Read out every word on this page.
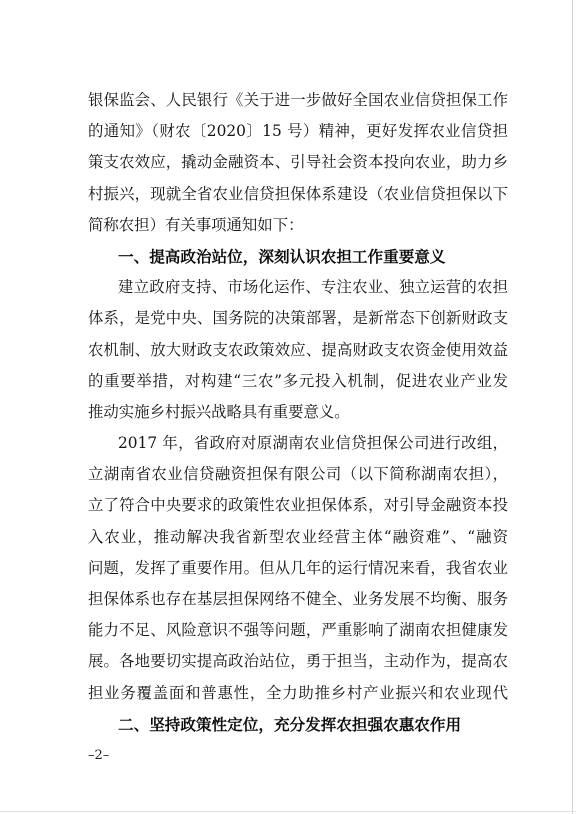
银保监会、人民银行《关于进一步做好全国农业信贷担保工作
的通知》（财农〔2020〕15 号）精神，更好发挥农业信贷担
策支农效应，撬动金融资本、引导社会资本投向农业，助力乡
村振兴，现就全省农业信贷担保体系建设（农业信贷担保以下
简称农担）有关事项通知如下：
一、提高政治站位，深刻认识农担工作重要意义
建立政府支持、市场化运作、专注农业、独立运营的农担
体系，是党中央、国务院的决策部署，是新常态下创新财政支
农机制、放大财政支农政策效应、提高财政支农资金使用效益
的重要举措，对构建“三农”多元投入机制，促进农业产业发
推动实施乡村振兴战略具有重要意义。
2017 年，省政府对原湖南农业信贷担保公司进行改组，
立湖南省农业信贷融资担保有限公司（以下简称湖南农担），
立了符合中央要求的政策性农业担保体系，对引导金融资本投
入农业，推动解决我省新型农业经营主体“融资难”、“融资
问题，发挥了重要作用。但从几年的运行情况来看，我省农业
担保体系也存在基层担保网络不健全、业务发展不均衡、服务
能力不足、风险意识不强等问题，严重影响了湖南农担健康发
展。各地要切实提高政治站位，勇于担当，主动作为，提高农
担业务覆盖面和普惠性，全力助推乡村产业振兴和农业现代
二、坚持政策性定位，充分发挥农担强农惠农作用
–2–
